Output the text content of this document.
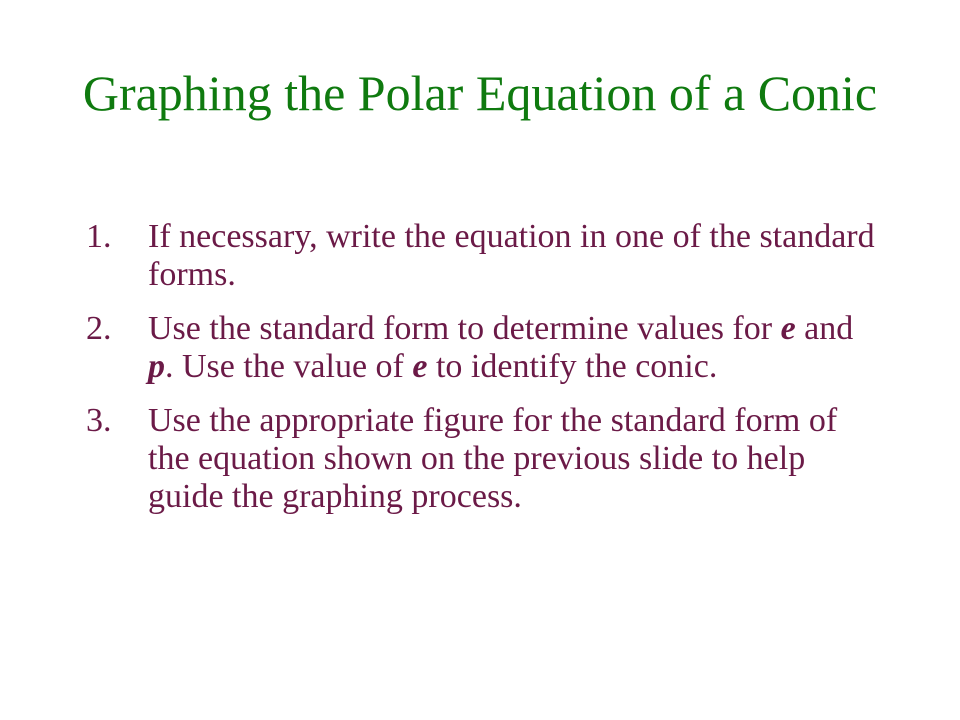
Graphing the Polar Equation of a Conic
1. If necessary, write the equation in one of the standard forms.
2. Use the standard form to determine values for e and p. Use the value of e to identify the conic.
3. Use the appropriate figure for the standard form of the equation shown on the previous slide to help guide the graphing process.
